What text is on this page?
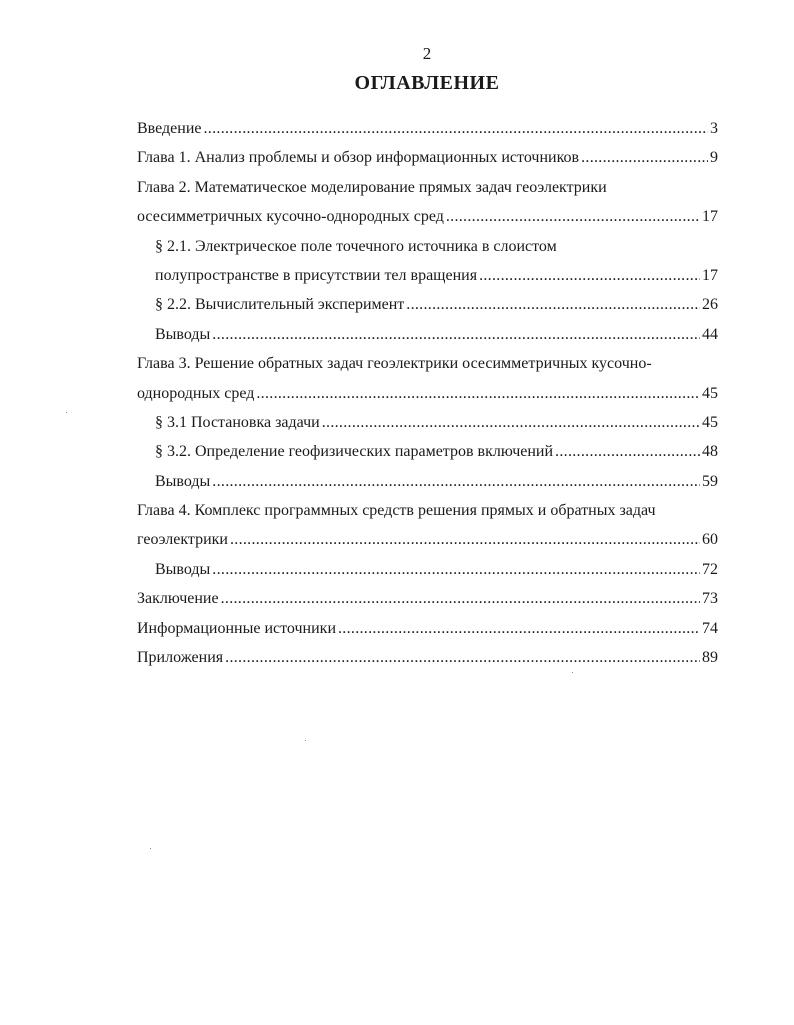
2
ОГЛАВЛЕНИЕ
Введение .....	3
Глава 1. Анализ проблемы и обзор информационных источников .....	9
Глава 2. Математическое моделирование прямых задач геоэлектрики
осесимметричных кусочно-однородных сред .....	17
§ 2.1. Электрическое поле точечного источника в слоистом
полупространстве в присутствии тел вращения .....	17
§ 2.2. Вычислительный эксперимент .....	26
Выводы .....	44
Глава 3. Решение обратных задач геоэлектрики осесимметричных кусочно-
однородных сред .....	45
§ 3.1 Постановка задачи .....	45
§ 3.2. Определение геофизических параметров включений .....	48
Выводы .....	59
Глава 4. Комплекс программных средств решения прямых и обратных задач
геоэлектрики .....	60
Выводы .....	72
Заключение .....	73
Информационные источники .....	74
Приложения .....	89
